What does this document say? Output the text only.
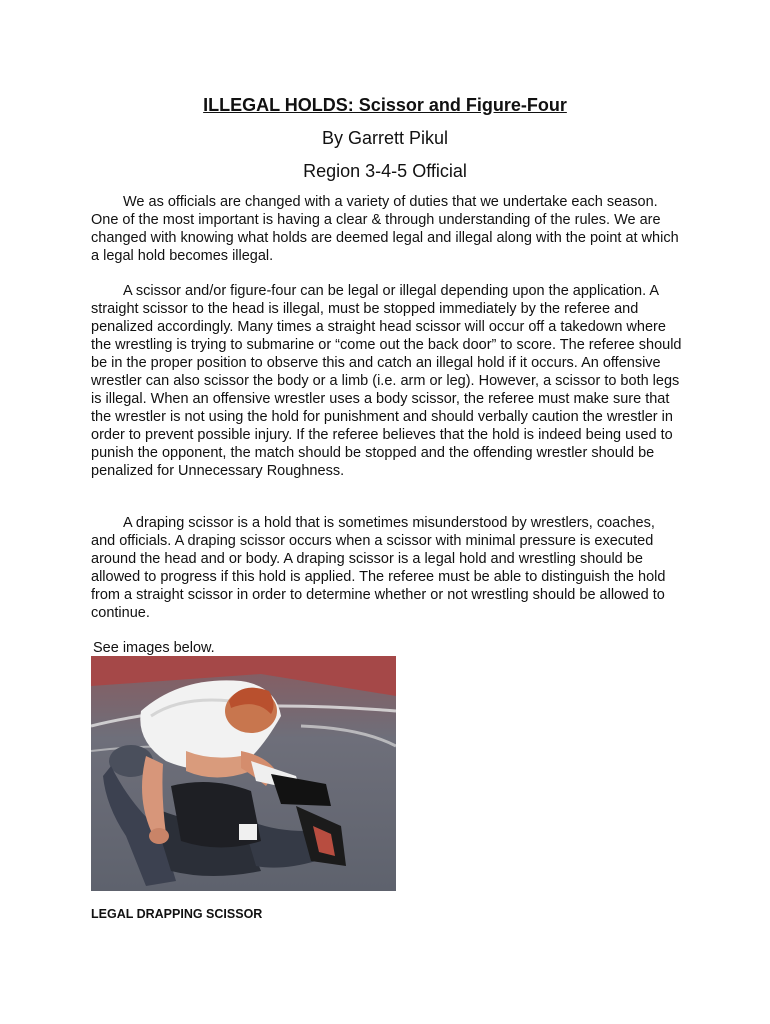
ILLEGAL HOLDS: Scissor and Figure-Four
By Garrett Pikul
Region 3-4-5 Official

We as officials are changed with a variety of duties that we undertake each season. One of the most important is having a clear & through understanding of the rules. We are changed with knowing what holds are deemed legal and illegal along with the point at which a legal hold becomes illegal.

A scissor and/or figure-four can be legal or illegal depending upon the application. A straight scissor to the head is illegal, must be stopped immediately by the referee and penalized accordingly. Many times a straight head scissor will occur off a takedown where the wrestling is trying to submarine or “come out the back door” to score. The referee should be in the proper position to observe this and catch an illegal hold if it occurs. An offensive wrestler can also scissor the body or a limb (i.e. arm or leg). However, a scissor to both legs is illegal. When an offensive wrestler uses a body scissor, the referee must make sure that the wrestler is not using the hold for punishment and should verbally caution the wrestler in order to prevent possible injury. If the referee believes that the hold is indeed being used to punish the opponent, the match should be stopped and the offending wrestler should be penalized for Unnecessary Roughness.

A draping scissor is a hold that is sometimes misunderstood by wrestlers, coaches, and officials. A draping scissor occurs when a scissor with minimal pressure is executed around the head and or body. A draping scissor is a legal hold and wrestling should be allowed to progress if this hold is applied. The referee must be able to distinguish the hold from a straight scissor in order to determine whether or not wrestling should be allowed to continue.

See images below.
LEGAL DRAPPING SCISSOR
